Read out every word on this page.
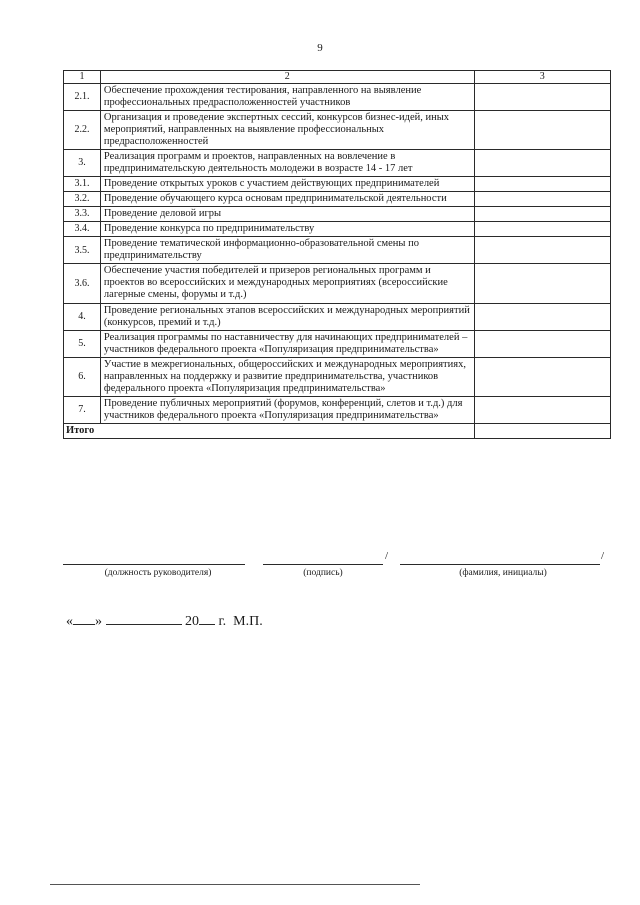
9
1	2	3
2.1.	Обеспечение прохождения тестирования, направленного на выявление профессиональных предрасположенностей участников	
2.2.	Организация и проведение экспертных сессий, конкурсов бизнес-идей, иных мероприятий, направленных на выявление профессиональных предрасположенностей	
3.	Реализация программ и проектов, направленных на вовлечение в предпринимательскую деятельность молодежи в возрасте 14 - 17 лет	
3.1.	Проведение открытых уроков с участием действующих предпринимателей	
3.2.	Проведение обучающего курса основам предпринимательской деятельности	
3.3.	Проведение деловой игры	
3.4.	Проведение конкурса по предпринимательству	
3.5.	Проведение тематической информационно-образовательной смены по предпринимательству	
3.6.	Обеспечение участия победителей и призеров региональных программ и проектов во всероссийских и международных мероприятиях (всероссийские лагерные смены, форумы и т.д.)	
4.	Проведение региональных этапов всероссийских и международных мероприятий (конкурсов, премий и т.д.)	
5.	Реализация программы по наставничеству для начинающих предпринимателей – участников федерального проекта «Популяризация предпринимательства»	
6.	Участие в межрегиональных, общероссийских и международных мероприятиях, направленных на поддержку и развитие предпринимательства, участников федерального проекта «Популяризация предпринимательства»	
7.	Проведение публичных мероприятий (форумов, конференций, слетов и т.д.) для участников федерального проекта «Популяризация предпринимательства»	
Итого		
/	/
(должность руководителя)	(подпись)	(фамилия, инициалы)
« »	20 г. М.П.
